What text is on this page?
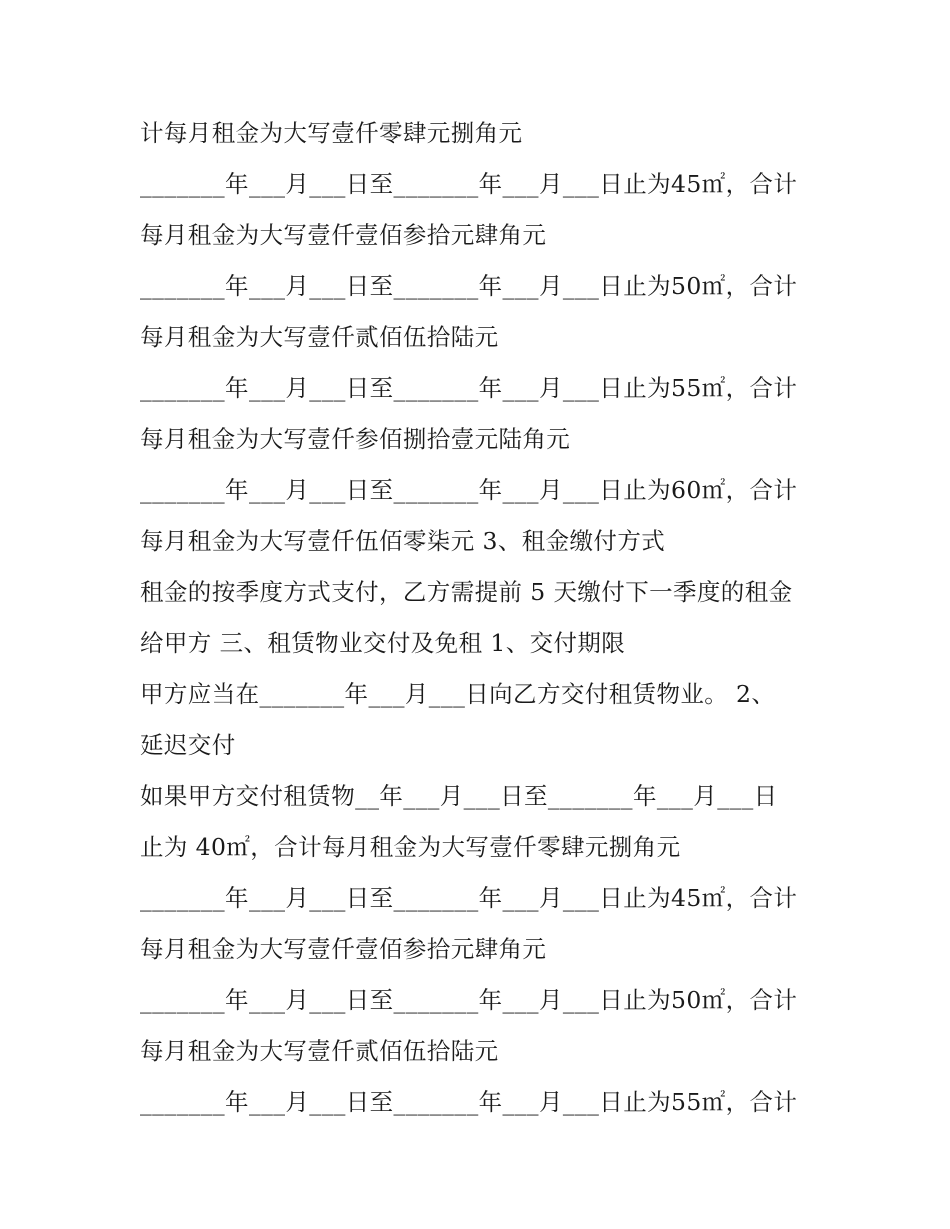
计每月租金为大写壹仟零肆元捌角元
_______年___月___日至_______年___月___日止为45㎡，合计
每月租金为大写壹仟壹佰参拾元肆角元
_______年___月___日至_______年___月___日止为50㎡，合计
每月租金为大写壹仟贰佰伍拾陆元
_______年___月___日至_______年___月___日止为55㎡，合计
每月租金为大写壹仟参佰捌拾壹元陆角元
_______年___月___日至_______年___月___日止为60㎡，合计
每月租金为大写壹仟伍佰零柒元 3、租金缴付方式
租金的按季度方式支付，乙方需提前 5 天缴付下一季度的租金
给甲方 三、租赁物业交付及免租 1、交付期限
甲方应当在_______年___月___日向乙方交付租赁物业。 2、
延迟交付
如果甲方交付租赁物__年___月___日至_______年___月___日
止为 40㎡，合计每月租金为大写壹仟零肆元捌角元
_______年___月___日至_______年___月___日止为45㎡，合计
每月租金为大写壹仟壹佰参拾元肆角元
_______年___月___日至_______年___月___日止为50㎡，合计
每月租金为大写壹仟贰佰伍拾陆元
_______年___月___日至_______年___月___日止为55㎡，合计
